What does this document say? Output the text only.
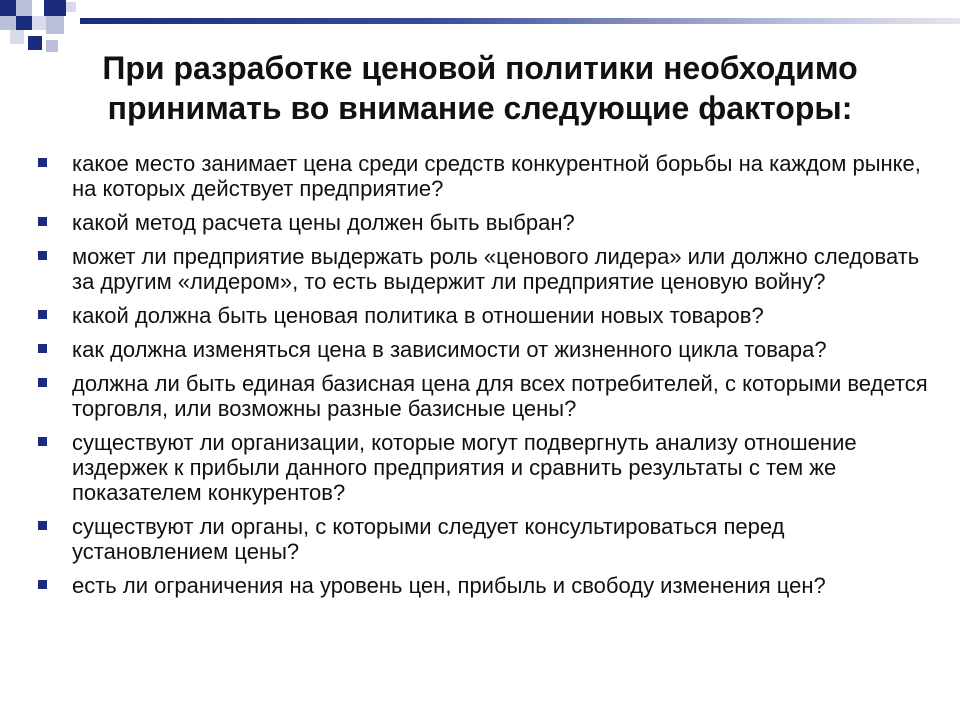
При разработке ценовой политики необходимо принимать во внимание следующие факторы:
какое место занимает цена среди средств конкурентной борьбы на каждом рынке, на которых действует предприятие?
какой метод расчета цены должен быть выбран?
может ли предприятие выдержать роль «ценового лидера» или должно следовать за другим «лидером», то есть выдержит ли предприятие ценовую войну?
какой должна быть ценовая политика в отношении новых товаров?
как должна изменяться цена в зависимости от жизненного цикла товара?
должна ли быть единая базисная цена для всех потребителей, с которыми ведется торговля, или возможны разные базисные цены?
существуют ли организации, которые могут подвергнуть анализу отношение издержек к прибыли данного предприятия и сравнить результаты с тем же показателем конкурентов?
существуют ли органы, с которыми следует консультироваться перед установлением цены?
есть ли ограничения на уровень цен, прибыль и свободу изменения цен?
